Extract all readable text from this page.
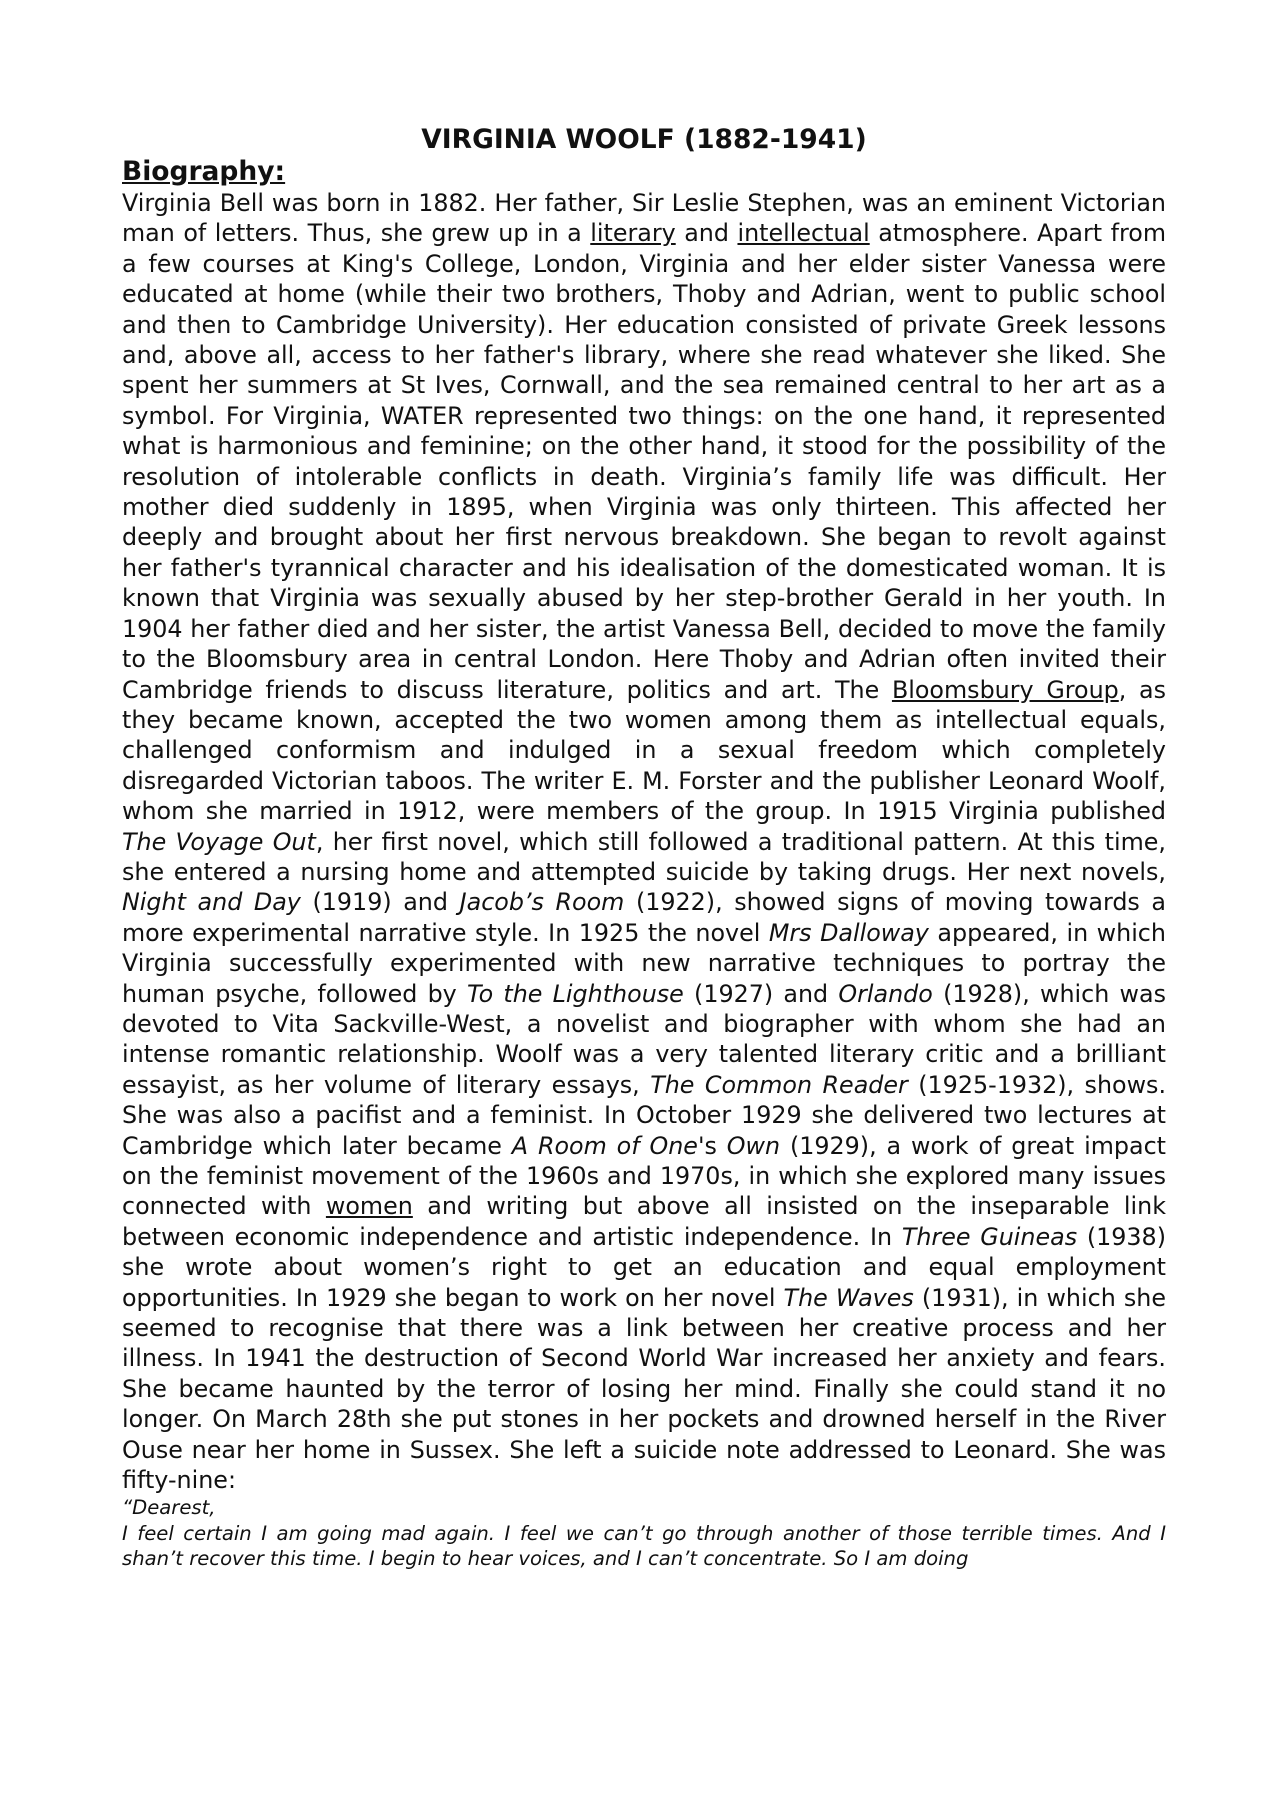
VIRGINIA WOOLF (1882-1941)

Biography:

Virginia Bell was born in 1882. Her father, Sir Leslie Stephen, was an eminent Victorian man of letters. Thus, she grew up in a literary and intellectual atmosphere. Apart from a few courses at King's College, London, Virginia and her elder sister Vanessa were educated at home (while their two brothers, Thoby and Adrian, went to public school and then to Cambridge University). Her education consisted of private Greek lessons and, above all, access to her father's library, where she read whatever she liked. She spent her summers at St Ives, Cornwall, and the sea remained central to her art as a symbol. For Virginia, WATER represented two things: on the one hand, it represented what is harmonious and feminine; on the other hand, it stood for the possibility of the resolution of intolerable conflicts in death. Virginia’s family life was difficult. Her mother died suddenly in 1895, when Virginia was only thirteen. This affected her deeply and brought about her first nervous breakdown. She began to revolt against her father's tyrannical character and his idealisation of the domesticated woman. It is known that Virginia was sexually abused by her step-brother Gerald in her youth. In 1904 her father died and her sister, the artist Vanessa Bell, decided to move the family to the Bloomsbury area in central London. Here Thoby and Adrian often invited their Cambridge friends to discuss literature, politics and art. The Bloomsbury Group, as they became known, accepted the two women among them as intellectual equals, challenged conformism and indulged in a sexual freedom which completely disregarded Victorian taboos. The writer E. M. Forster and the publisher Leonard Woolf, whom she married in 1912, were members of the group. In 1915 Virginia published The Voyage Out, her first novel, which still followed a traditional pattern. At this time, she entered a nursing home and attempted suicide by taking drugs. Her next novels, Night and Day (1919) and Jacob’s Room (1922), showed signs of moving towards a more experimental narrative style. In 1925 the novel Mrs Dalloway appeared, in which Virginia successfully experimented with new narrative techniques to portray the human psyche, followed by To the Lighthouse (1927) and Orlando (1928), which was devoted to Vita Sackville-West, a novelist and biographer with whom she had an intense romantic relationship. Woolf was a very talented literary critic and a brilliant essayist, as her volume of literary essays, The Common Reader (1925-1932), shows. She was also a pacifist and a feminist. In October 1929 she delivered two lectures at Cambridge which later became A Room of One's Own (1929), a work of great impact on the feminist movement of the 1960s and 1970s, in which she explored many issues connected with women and writing but above all insisted on the inseparable link between economic independence and artistic independence. In Three Guineas (1938) she wrote about women’s right to get an education and equal employment opportunities. In 1929 she began to work on her novel The Waves (1931), in which she seemed to recognise that there was a link between her creative process and her illness. In 1941 the destruction of Second World War increased her anxiety and fears. She became haunted by the terror of losing her mind. Finally she could stand it no longer. On March 28th she put stones in her pockets and drowned herself in the River Ouse near her home in Sussex. She left a suicide note addressed to Leonard. She was fifty-nine:

“Dearest,

I feel certain I am going mad again. I feel we can’t go through another of those terrible times. And I shan’t recover this time. I begin to hear voices, and I can’t concentrate. So I am doing
